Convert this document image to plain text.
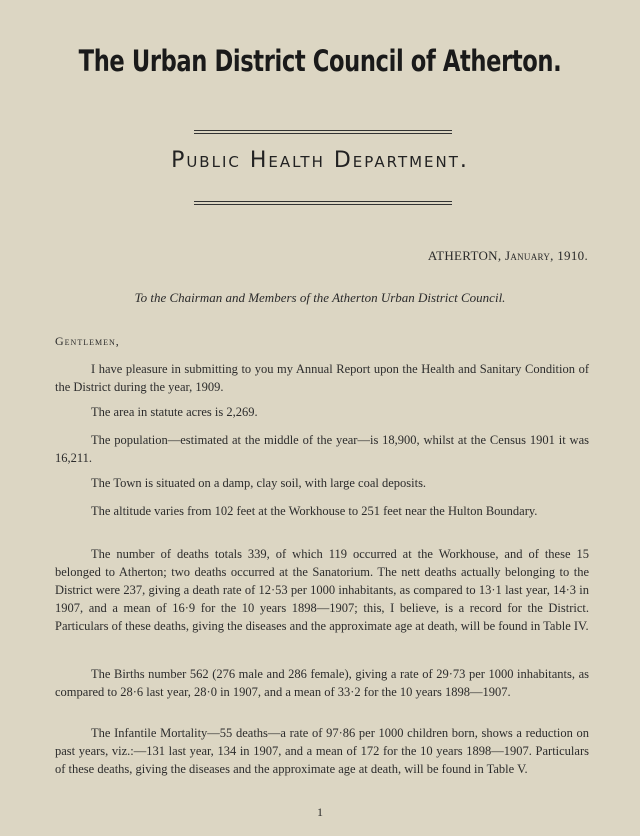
The Urban District Council of Atherton.
Public Health Department.
ATHERTON, January, 1910.
To the Chairman and Members of the Atherton Urban District Council.
Gentlemen,
I have pleasure in submitting to you my Annual Report upon the Health and Sanitary Condition of the District during the year, 1909.
The area in statute acres is 2,269.
The population—estimated at the middle of the year—is 18,900, whilst at the Census 1901 it was 16,211.
The Town is situated on a damp, clay soil, with large coal deposits.
The altitude varies from 102 feet at the Workhouse to 251 feet near the Hulton Boundary.
The number of deaths totals 339, of which 119 occurred at the Workhouse, and of these 15 belonged to Atherton; two deaths occurred at the Sanatorium. The nett deaths actually belonging to the District were 237, giving a death rate of 12·53 per 1000 inhabitants, as compared to 13·1 last year, 14·3 in 1907, and a mean of 16·9 for the 10 years 1898—1907; this, I believe, is a record for the District. Particulars of these deaths, giving the diseases and the approximate age at death, will be found in Table IV.
The Births number 562 (276 male and 286 female), giving a rate of 29·73 per 1000 inhabitants, as compared to 28·6 last year, 28·0 in 1907, and a mean of 33·2 for the 10 years 1898—1907.
The Infantile Mortality—55 deaths—a rate of 97·86 per 1000 children born, shows a reduction on past years, viz.:—131 last year, 134 in 1907, and a mean of 172 for the 10 years 1898—1907. Particulars of these deaths, giving the diseases and the approximate age at death, will be found in Table V.
1
